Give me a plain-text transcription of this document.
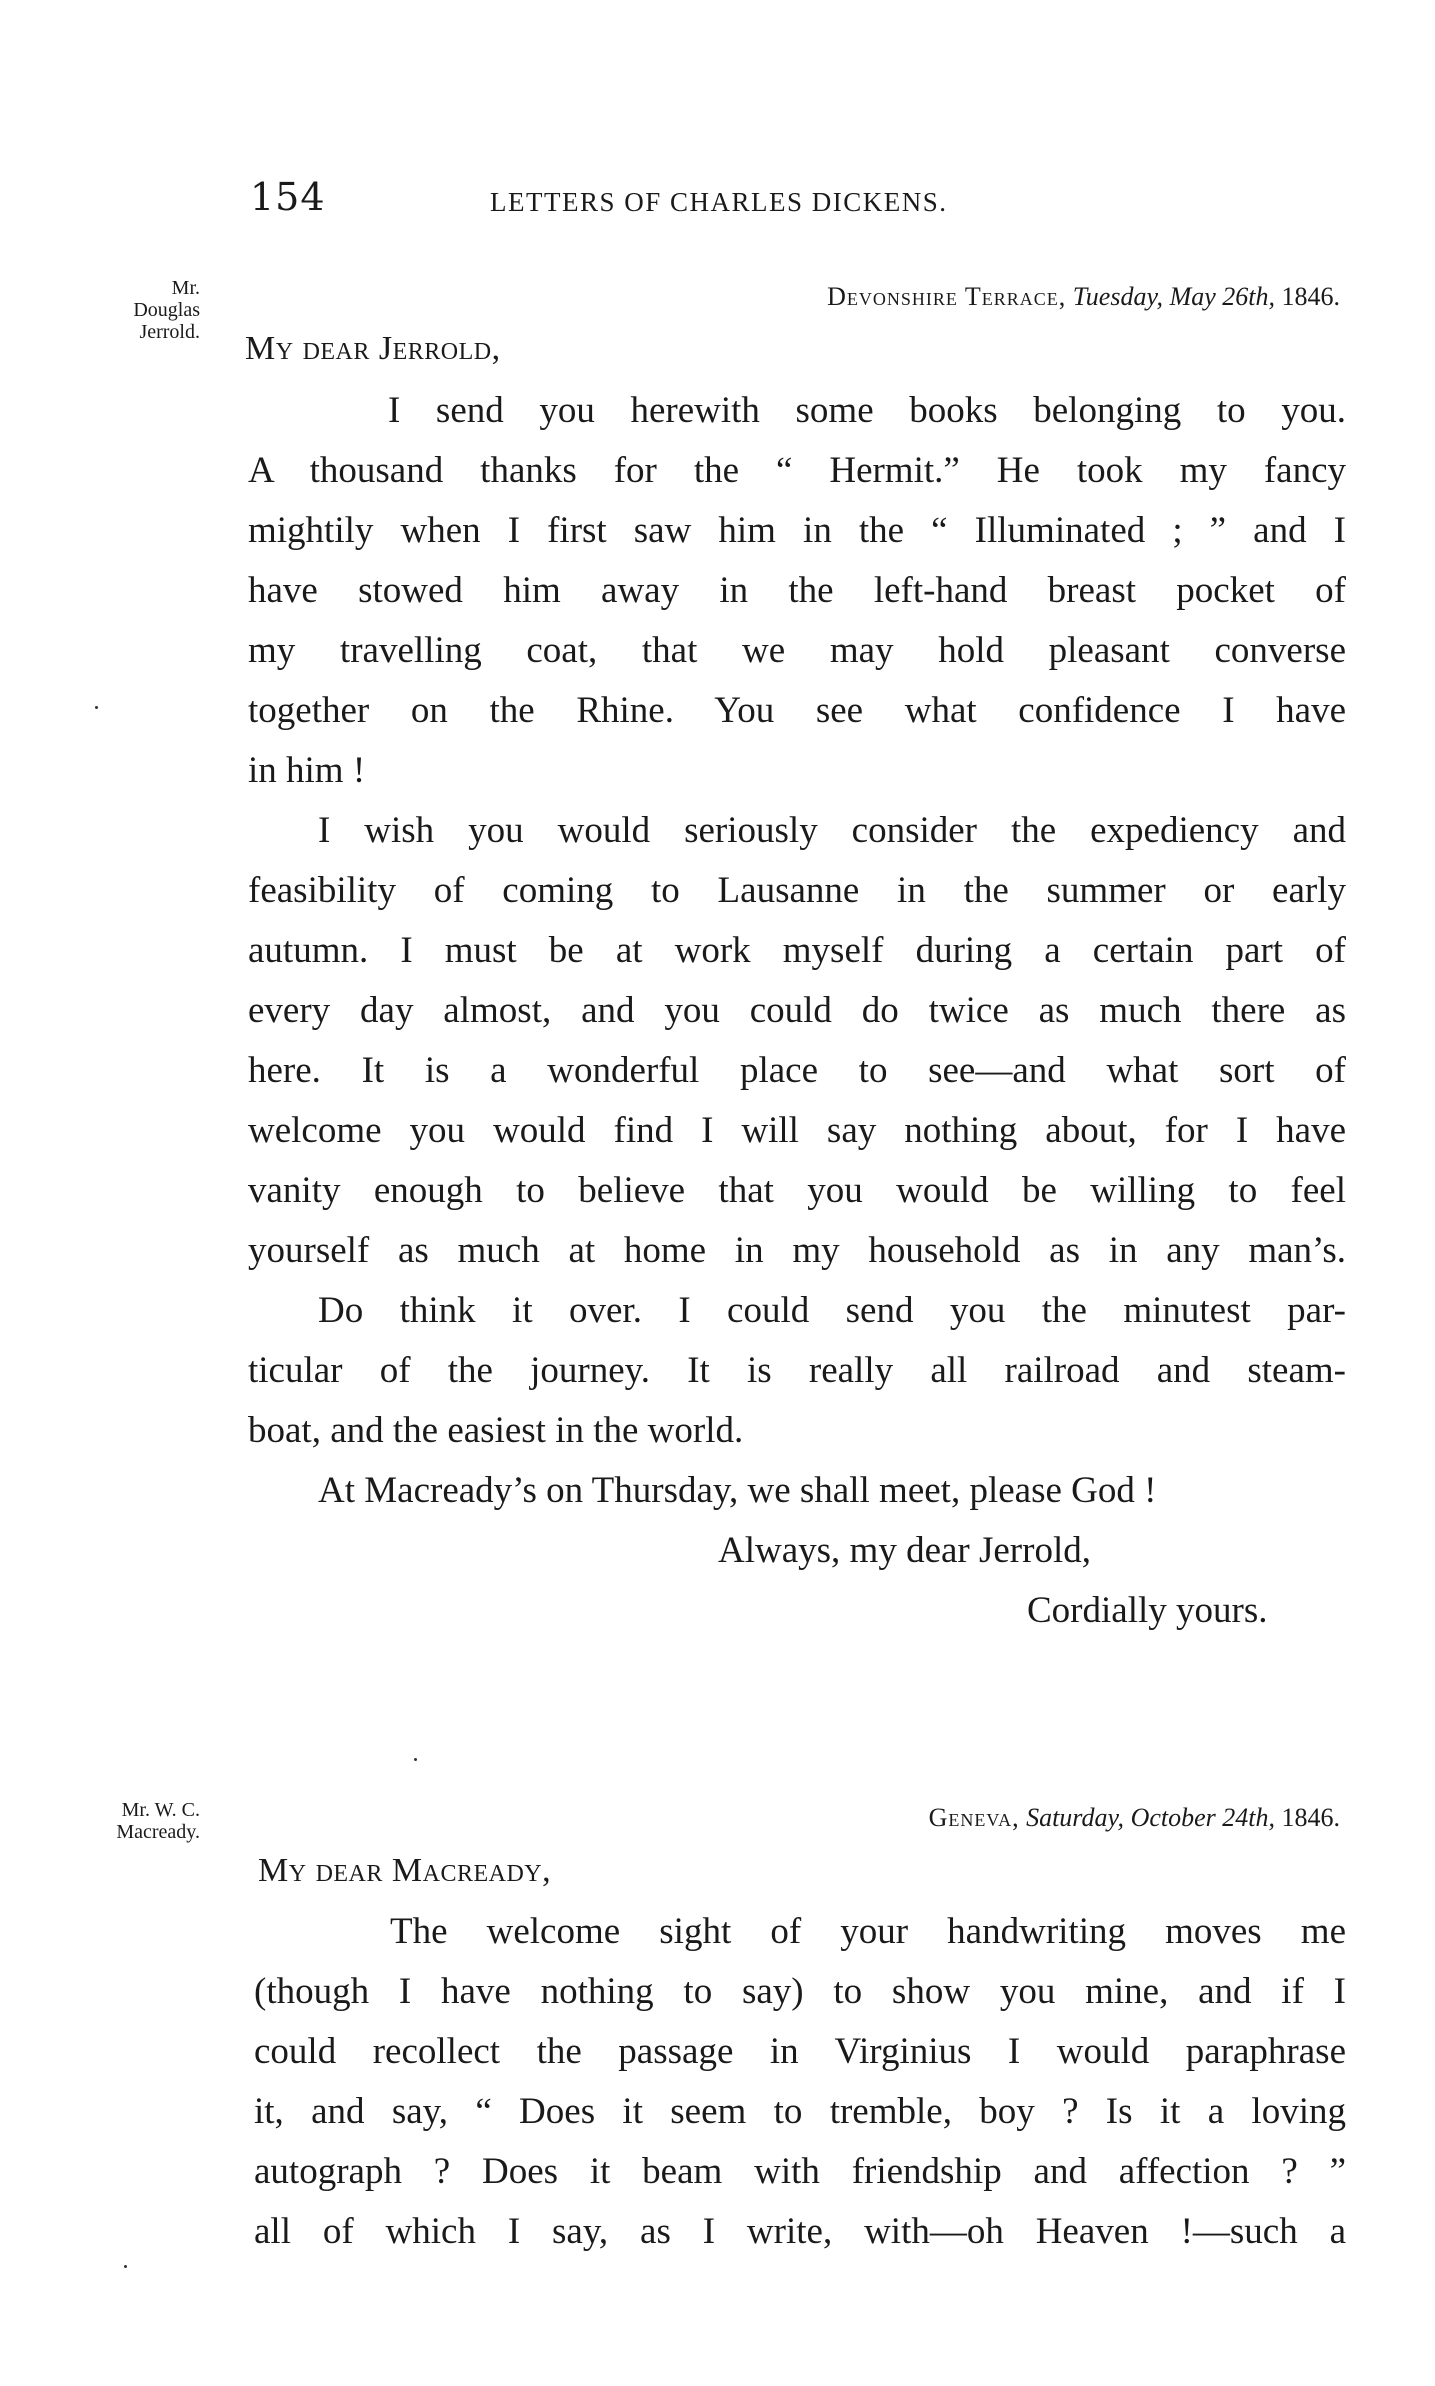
154	LETTERS OF CHARLES DICKENS.
Mr.
Douglas
Jerrold.
Devonshire Terrace, Tuesday, May 26th, 1846.
My dear Jerrold,

I send you herewith some books belonging to you.
A thousand thanks for the “ Hermit.” He took my fancy
mightily when I first saw him in the “ Illuminated ; ” and I
have stowed him away in the left-hand breast pocket of
my travelling coat, that we may hold pleasant converse
together on the Rhine. You see what confidence I have
in him !

I wish you would seriously consider the expediency and
feasibility of coming to Lausanne in the summer or early
autumn. I must be at work myself during a certain part of
every day almost, and you could do twice as much there as
here. It is a wonderful place to see—and what sort of
welcome you would find I will say nothing about, for I have
vanity enough to believe that you would be willing to feel
yourself as much at home in my household as in any man’s.

Do think it over. I could send you the minutest par-
ticular of the journey. It is really all railroad and steam-
boat, and the easiest in the world.

At Macready’s on Thursday, we shall meet, please God !

Always, my dear Jerrold,
Cordially yours.
Mr. W. C.
Macready.	Geneva, Saturday, October 24th, 1846.
My dear Macready,

The welcome sight of your handwriting moves me
(though I have nothing to say) to show you mine, and if I
could recollect the passage in Virginius I would paraphrase
it, and say, “ Does it seem to tremble, boy ? Is it a loving
autograph ? Does it beam with friendship and affection ? ”
all of which I say, as I write, with—oh Heaven !—such a
